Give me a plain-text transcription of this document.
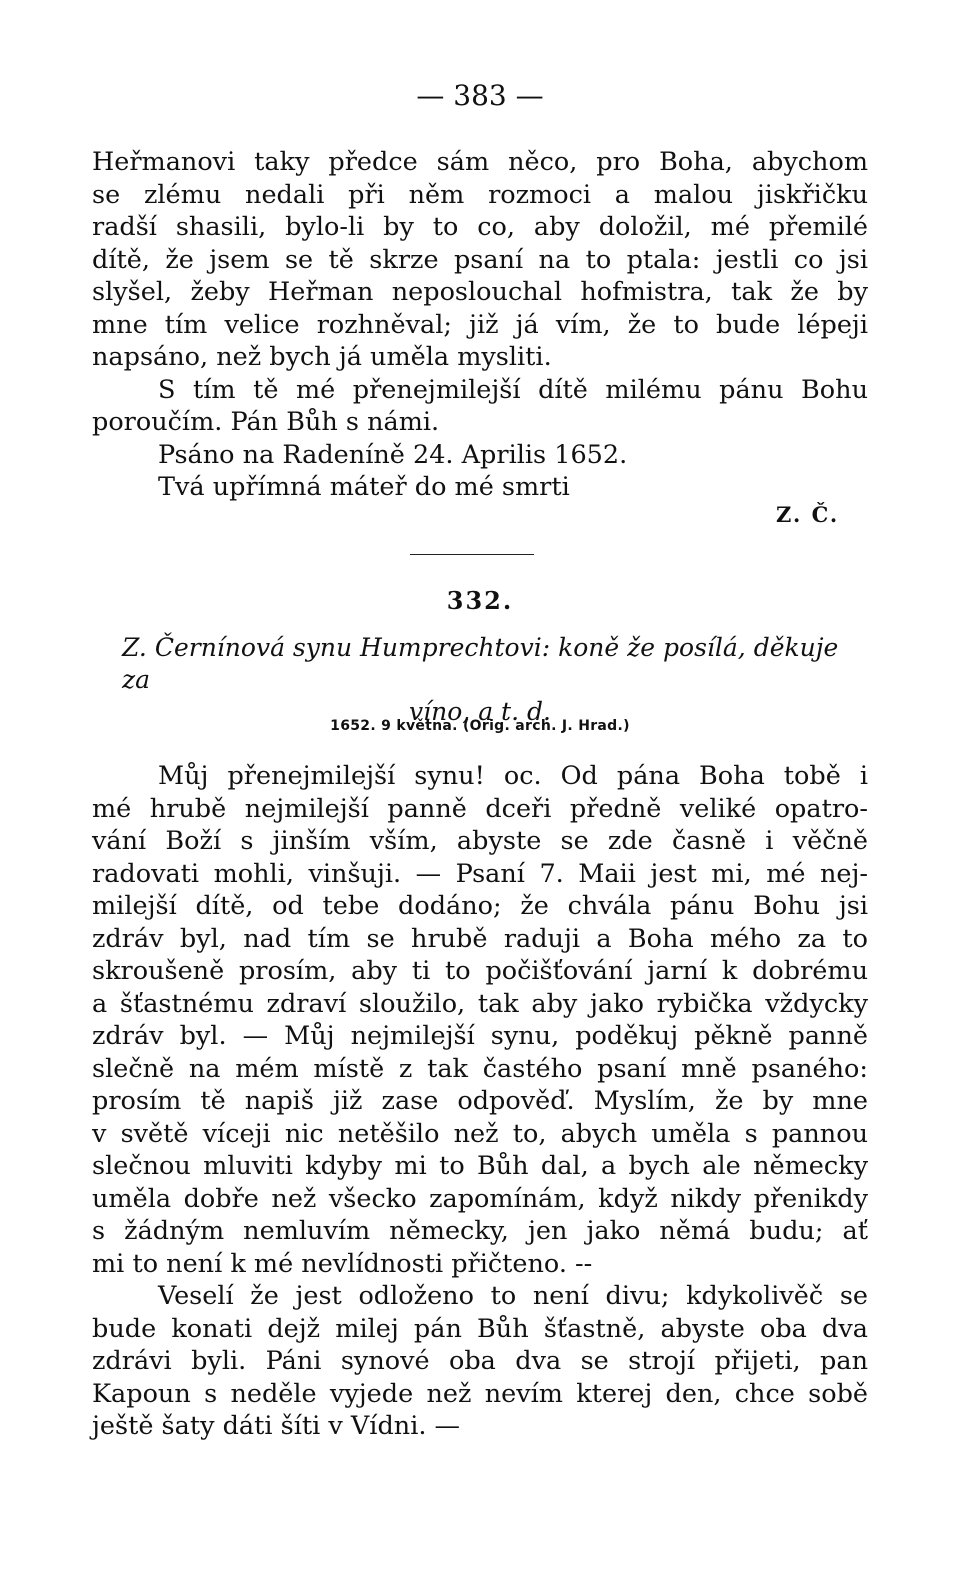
— 383 —
Heřmanovi taky předce sám něco, pro Boha, abychom
se zlému nedali při něm rozmoci a malou jiskřičku
radší shasili, bylo-li by to co, aby doložil, mé přemilé
dítě, že jsem se tě skrze psaní na to ptala: jestli co jsi
slyšel, žeby Heřman neposlouchal hofmistra, tak že by
mne tím velice rozhněval; již já vím, že to bude lépeji
napsáno, než bych já uměla mysliti.
S tím tě mé přenejmilejší dítě milému pánu Bohu
poroučím. Pán Bůh s námi.
Psáno na Radeníně 24. Aprilis 1652.
Tvá upřímná máteř do mé smrti
Z. Č.
332.
Z. Černínová synu Humprechtovi: koně že posílá, děkuje za
víno, a t. d.
1652. 9 května. (Orig. arch. J. Hrad.)
Můj přenejmilejší synu! oc. Od pána Boha tobě i
mé hrubě nejmilejší panně dceři předně veliké opatro-
vání Boží s jinším vším, abyste se zde časně i věčně
radovati mohli, vinšuji. — Psaní 7. Maii jest mi, mé nej-
milejší dítě, od tebe dodáno; že chvála pánu Bohu jsi
zdráv byl, nad tím se hrubě raduji a Boha mého za to
skroušeně prosím, aby ti to počišťování jarní k dobrému
a šťastnému zdraví sloužilo, tak aby jako rybička vždycky
zdráv byl. — Můj nejmilejší synu, poděkuj pěkně panně
slečně na mém místě z tak častého psaní mně psaného:
prosím tě napiš již zase odpověď. Myslím, že by mne
v světě víceji nic netěšilo než to, abych uměla s pannou
slečnou mluviti kdyby mi to Bůh dal, a bych ale německy
uměla dobře než všecko zapomínám, když nikdy přenikdy
s žádným nemluvím německy, jen jako němá budu; ať
mi to není k mé nevlídnosti přičteno. --
Veselí že jest odloženo to není divu; kdykolivěč se
bude konati dejž milej pán Bůh šťastně, abyste oba dva
zdrávi byli. Páni synové oba dva se strojí přijeti, pan
Kapoun s neděle vyjede než nevím kterej den, chce sobě
ještě šaty dáti šíti v Vídni. —
